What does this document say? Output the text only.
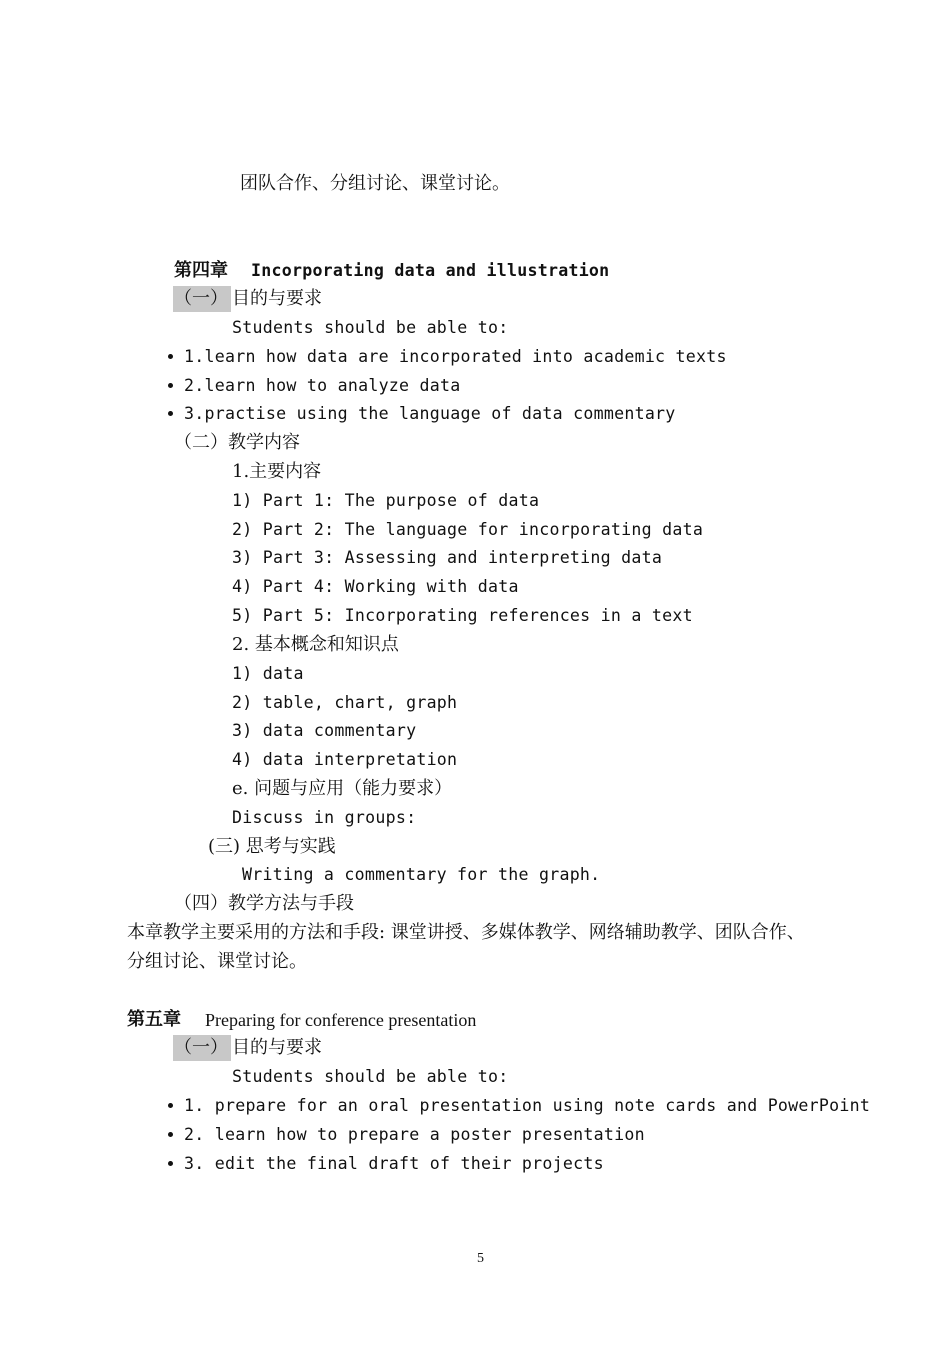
团队合作、分组讨论、课堂讨论。
第四章 Incorporating data and illustration
（一） 目的与要求
Students should be able to:
1.learn how data are incorporated into academic texts
2.learn how to analyze data
3.practise using the language of data commentary
（二）教学内容
1.主要内容
1) Part 1: The purpose of data
2) Part 2: The language for incorporating data
3) Part 3: Assessing and interpreting data
4) Part 4: Working with data
5) Part 5: Incorporating references in a text
2. 基本概念和知识点
1) data
2) table, chart, graph
3) data commentary
4) data interpretation
e. 问题与应用（能力要求）
Discuss in groups:
(三) 思考与实践
Writing a commentary for the graph.
（四）教学方法与手段
本章教学主要采用的方法和手段: 课堂讲授、多媒体教学、网络辅助教学、团队合作、
分组讨论、课堂讨论。
第五章 Preparing for conference presentation
（一） 目的与要求
Students should be able to:
1. prepare for an oral presentation using note cards and PowerPoint
2. learn how to prepare a poster presentation
3. edit the final draft of their projects
5
